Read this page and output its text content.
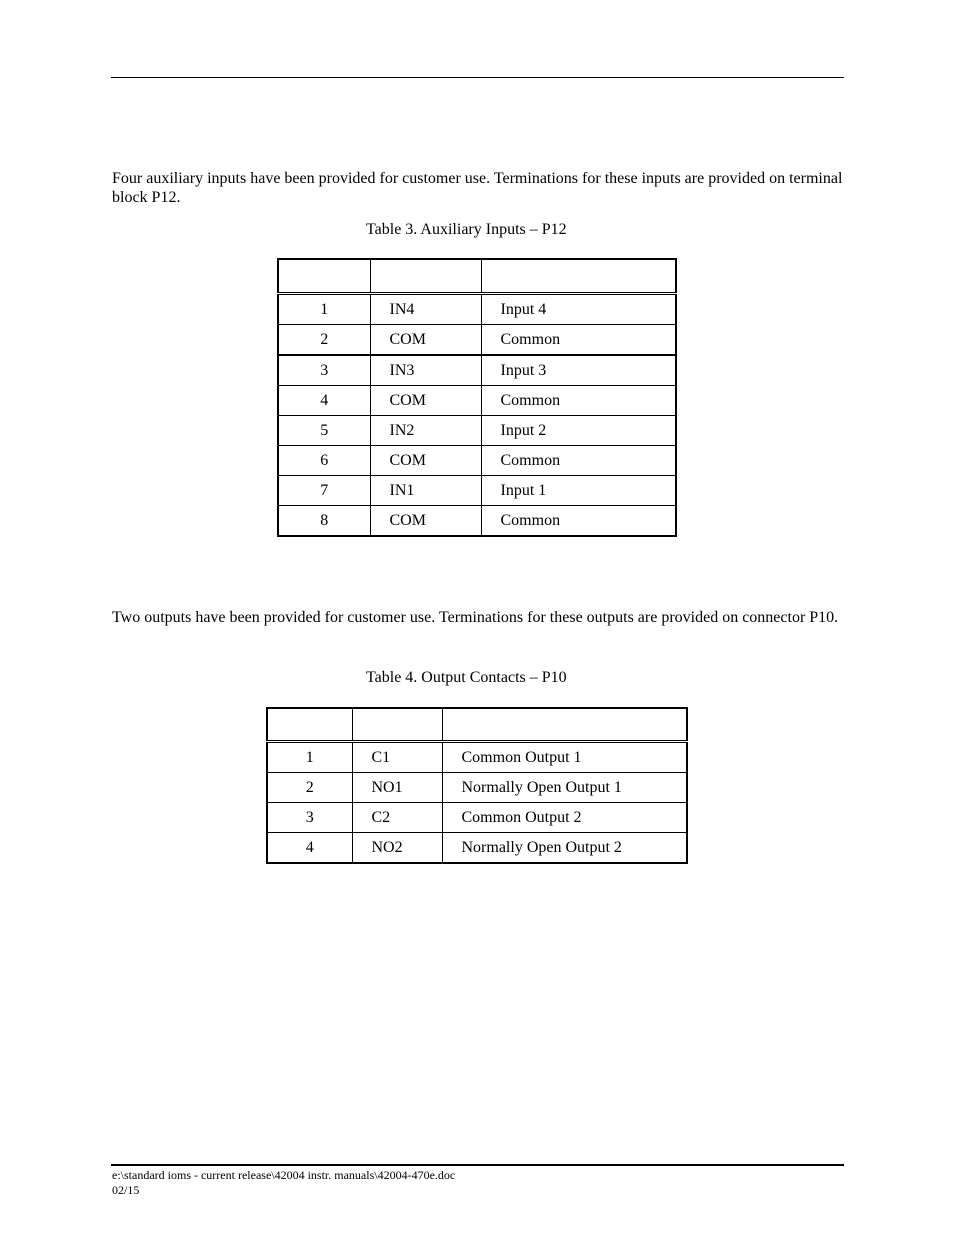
Four auxiliary inputs have been provided for customer use. Terminations for these inputs are provided on terminal block P12.

Table 3. Auxiliary Inputs – P12

1	IN4	Input 4
2	COM	Common
3	IN3	Input 3
4	COM	Common
5	IN2	Input 2
6	COM	Common
7	IN1	Input 1
8	COM	Common

Two outputs have been provided for customer use. Terminations for these outputs are provided on connector P10.

Table 4. Output Contacts – P10

1	C1	Common Output 1
2	NO1	Normally Open Output 1
3	C2	Common Output 2
4	NO2	Normally Open Output 2
e:\standard ioms - current release\42004 instr. manuals\42004-470e.doc
02/15
